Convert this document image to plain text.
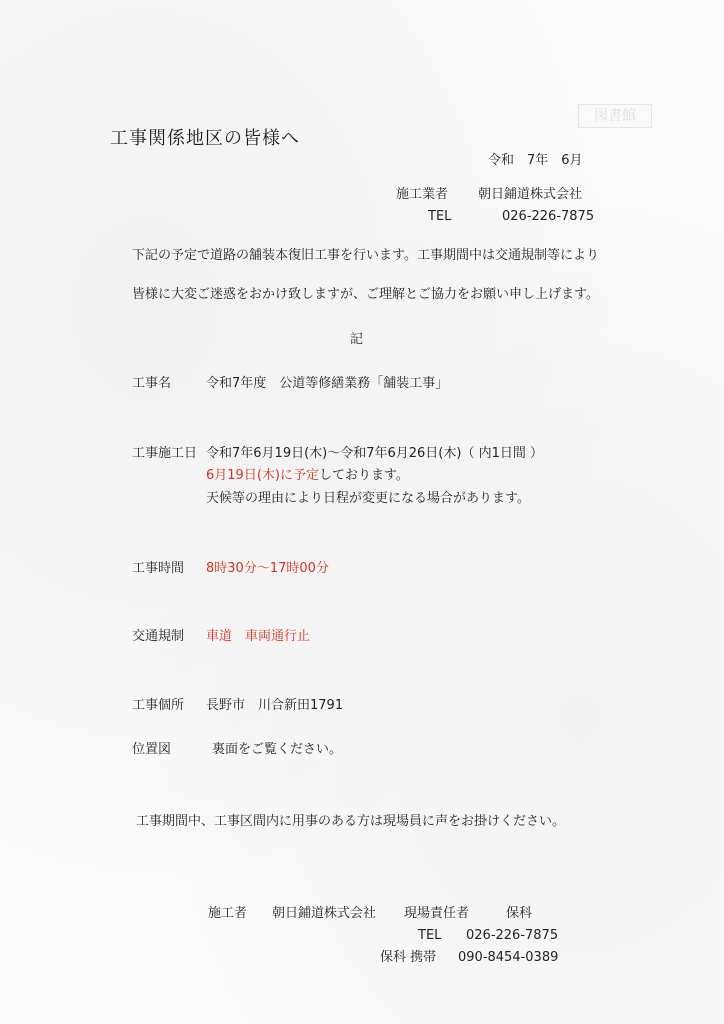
図書館
工事関係地区の皆様へ
令和　7年　6月
施工業者 朝日鋪道株式会社
TEL	026-226-7875
下記の予定で道路の舗装本復旧工事を行います。工事期間中は交通規制等により
皆様に大変ご迷惑をおかけ致しますが、ご理解とご協力をお願い申し上げます。
記
工事名	令和7年度　公道等修繕業務「舗装工事」
工事施工日 令和7年6月19日(木)～令和7年6月26日(木)（ 内1日間 ）
6月19日(木)に予定しております。
天候等の理由により日程が変更になる場合があります。
工事時間 8時30分～17時00分
交通規制 車道　車両通行止
工事個所 長野市　川合新田1791
位置図	裏面をご覧ください。
工事期間中、工事区間内に用事のある方は現場員に声をお掛けください。
施工者 朝日鋪道株式会社 現場責任者	保科
TEL 026-226-7875
保科 携帯 090-8454-0389
